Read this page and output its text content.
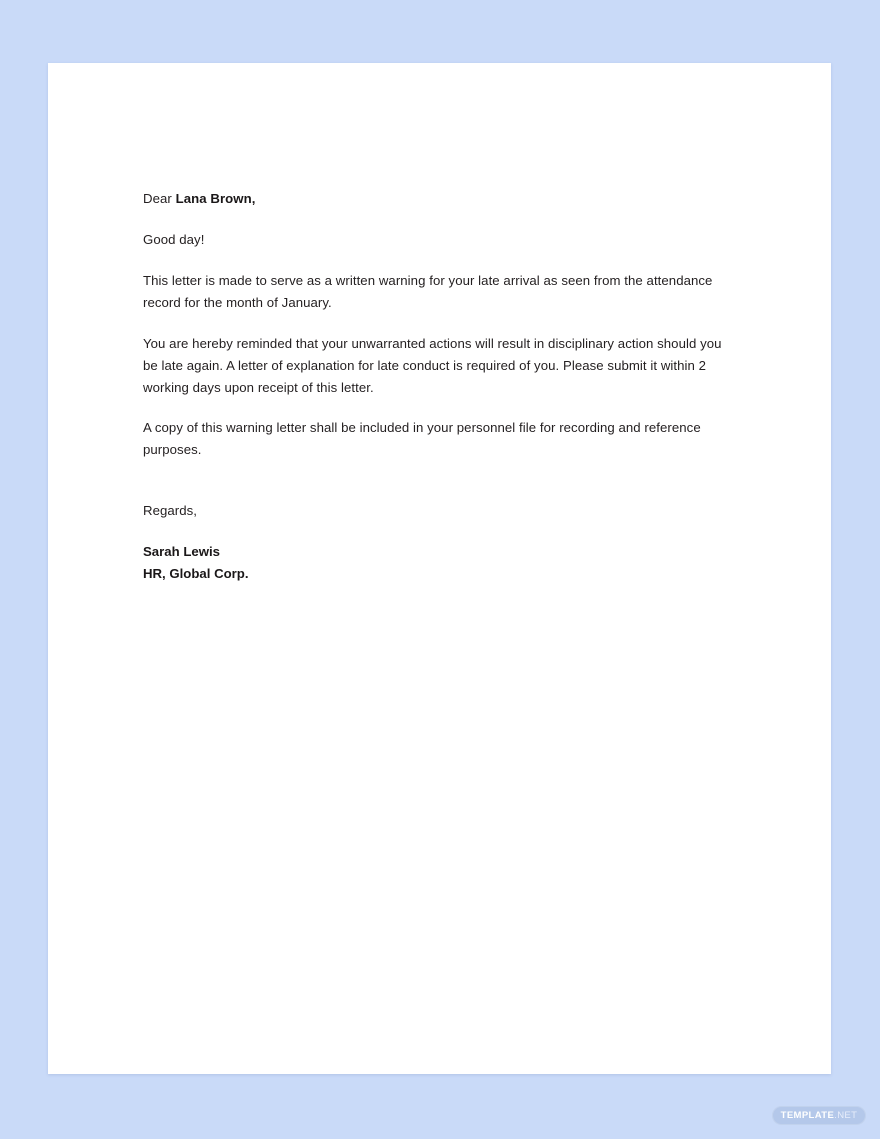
Dear Lana Brown,

Good day!

This letter is made to serve as a written warning for your late arrival as seen from the attendance record for the month of January.

You are hereby reminded that your unwarranted actions will result in disciplinary action should you be late again. A letter of explanation for late conduct is required of you. Please submit it within 2 working days upon receipt of this letter.

A copy of this warning letter shall be included in your personnel file for recording and reference purposes.

Regards,

Sarah Lewis
HR, Global Corp.
TEMPLATE.NET
